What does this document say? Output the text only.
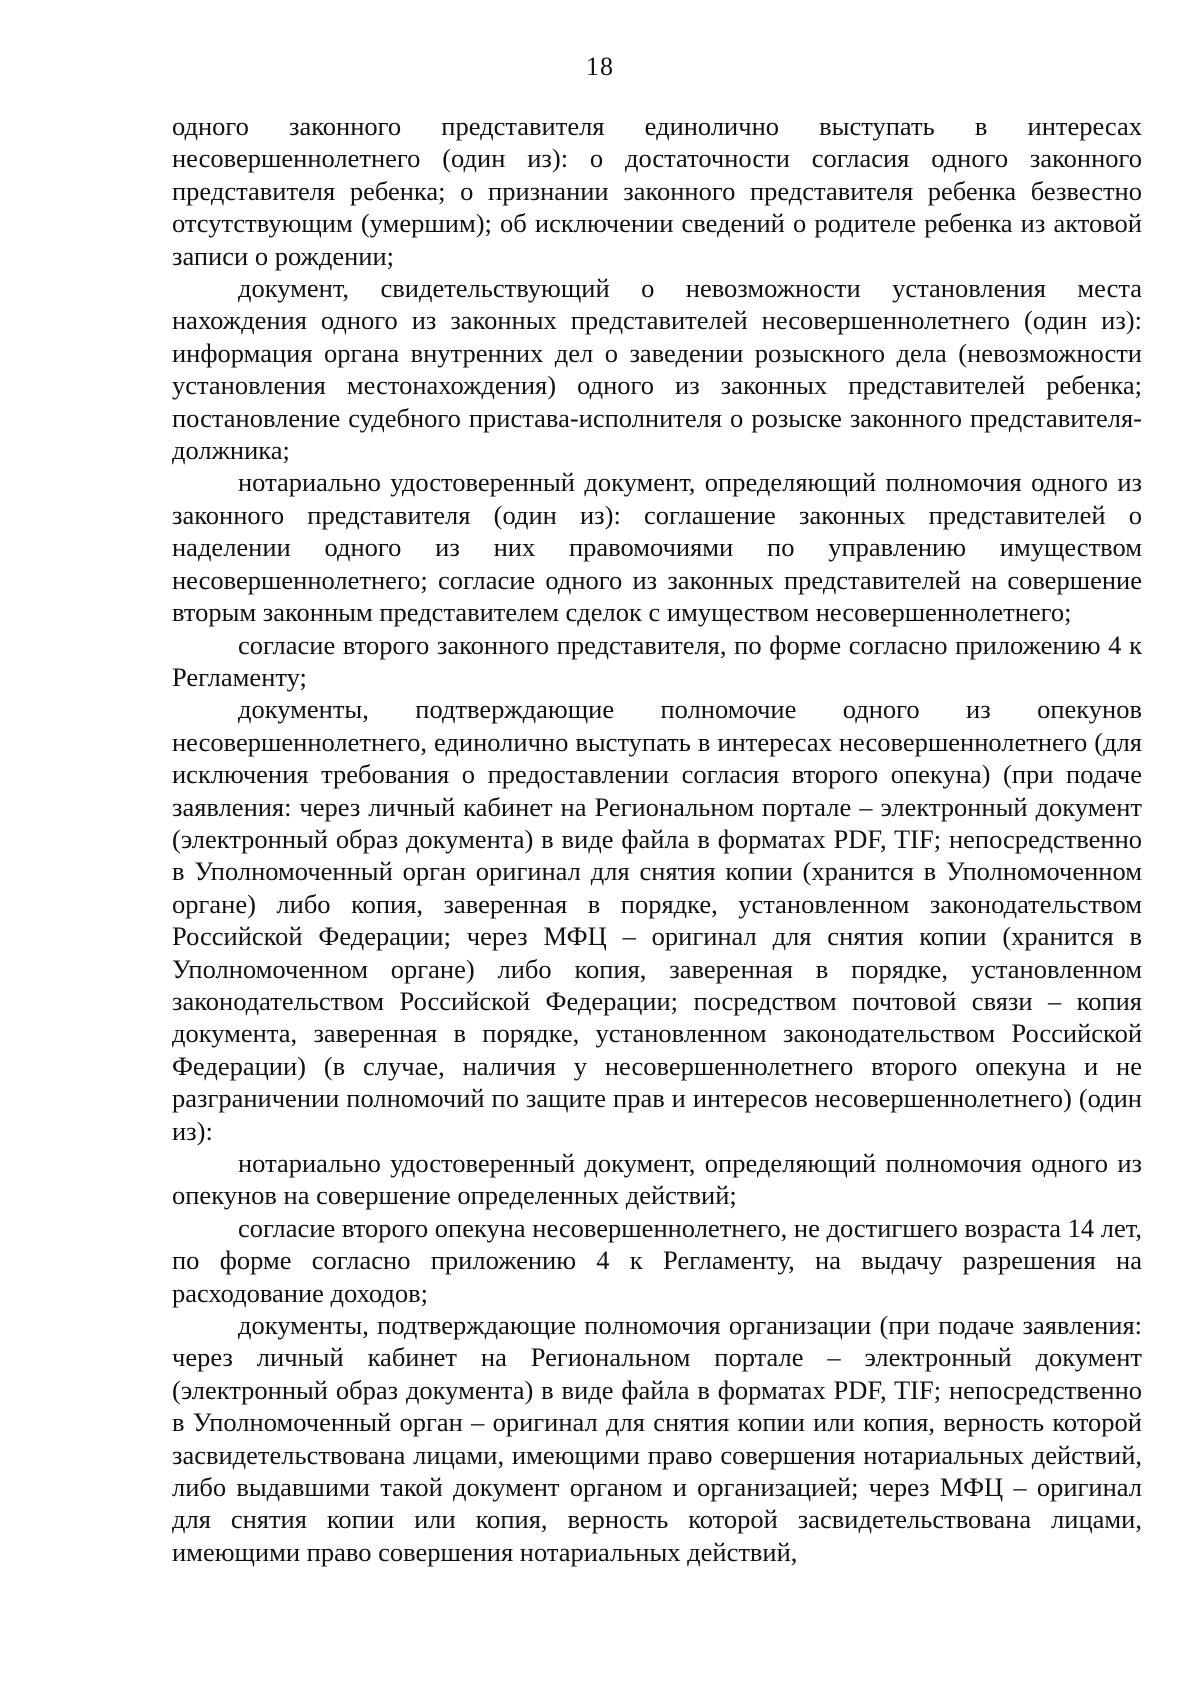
18

одного законного представителя единолично выступать в интересах несовершеннолетнего (один из): о достаточности согласия одного законного представителя ребенка; о признании законного представителя ребенка безвестно отсутствующим (умершим); об исключении сведений о родителе ребенка из актовой записи о рождении;

документ, свидетельствующий о невозможности установления места нахождения одного из законных представителей несовершеннолетнего (один из): информация органа внутренних дел о заведении розыскного дела (невозможности установления местонахождения) одного из законных представителей ребенка; постановление судебного пристава-исполнителя о розыске законного представителя-должника;

нотариально удостоверенный документ, определяющий полномочия одного из законного представителя (один из): соглашение законных представителей о наделении одного из них правомочиями по управлению имуществом несовершеннолетнего; согласие одного из законных представителей на совершение вторым законным представителем сделок с имуществом несовершеннолетнего;

согласие второго законного представителя, по форме согласно приложению 4 к Регламенту;

документы, подтверждающие полномочие одного из опекунов несовершеннолетнего, единолично выступать в интересах несовершеннолетнего (для исключения требования о предоставлении согласия второго опекуна) (при подаче заявления: через личный кабинет на Региональном портале – электронный документ (электронный образ документа) в виде файла в форматах PDF, TIF; непосредственно в Уполномоченный орган оригинал для снятия копии (хранится в Уполномоченном органе) либо копия, заверенная в порядке, установленном законодательством Российской Федерации; через МФЦ – оригинал для снятия копии (хранится в Уполномоченном органе) либо копия, заверенная в порядке, установленном законодательством Российской Федерации; посредством почтовой связи – копия документа, заверенная в порядке, установленном законодательством Российской Федерации) (в случае, наличия у несовершеннолетнего второго опекуна и не разграничении полномочий по защите прав и интересов несовершеннолетнего) (один из):

нотариально удостоверенный документ, определяющий полномочия одного из опекунов на совершение определенных действий;

согласие второго опекуна несовершеннолетнего, не достигшего возраста 14 лет, по форме согласно приложению 4 к Регламенту, на выдачу разрешения на расходование доходов;

документы, подтверждающие полномочия организации (при подаче заявления: через личный кабинет на Региональном портале – электронный документ (электронный образ документа) в виде файла в форматах PDF, TIF; непосредственно в Уполномоченный орган – оригинал для снятия копии или копия, верность которой засвидетельствована лицами, имеющими право совершения нотариальных действий, либо выдавшими такой документ органом и организацией; через МФЦ – оригинал для снятия копии или копия, верность которой засвидетельствована лицами, имеющими право совершения нотариальных действий,
